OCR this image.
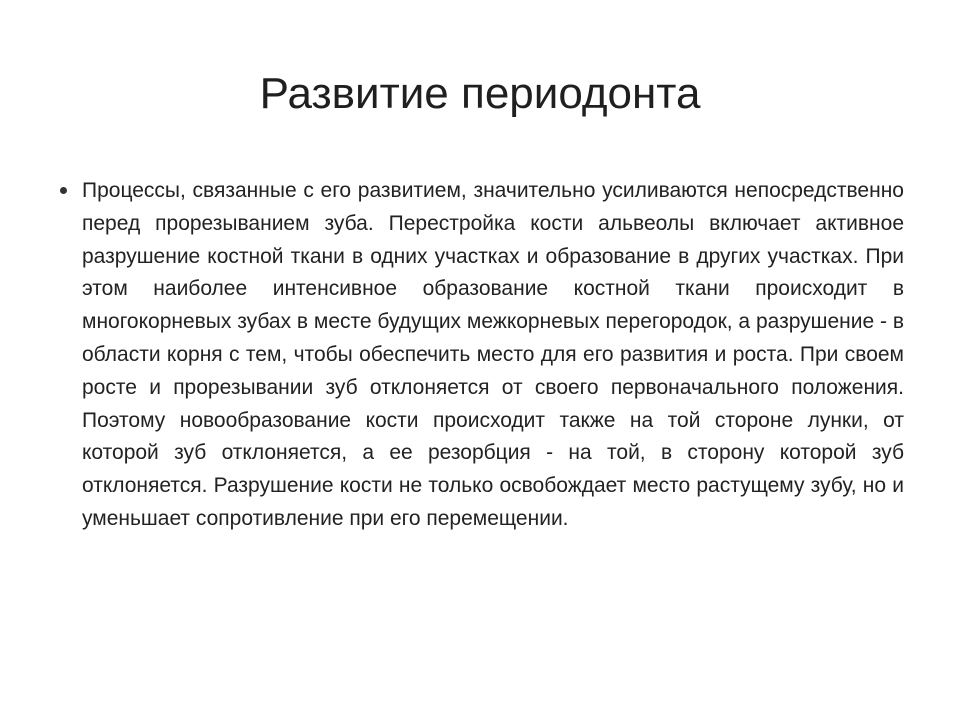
Развитие периодонта
Процессы, связанные с его развитием, значительно усиливаются непосредственно перед прорезыванием зуба. Перестройка кости альвеолы включает активное разрушение костной ткани в одних участках и образование в других участках. При этом наиболее интенсивное образование костной ткани происходит в многокорневых зубах в месте будущих межкорневых перегородок, а разрушение - в области корня с тем, чтобы обеспечить место для его развития и роста. При своем росте и прорезывании зуб отклоняется от своего первоначального положения. Поэтому новообразование кости происходит также на той стороне лунки, от которой зуб отклоняется, а ее резорбция - на той, в сторону которой зуб отклоняется. Разрушение кости не только освобождает место растущему зубу, но и уменьшает сопротивление при его перемещении.
